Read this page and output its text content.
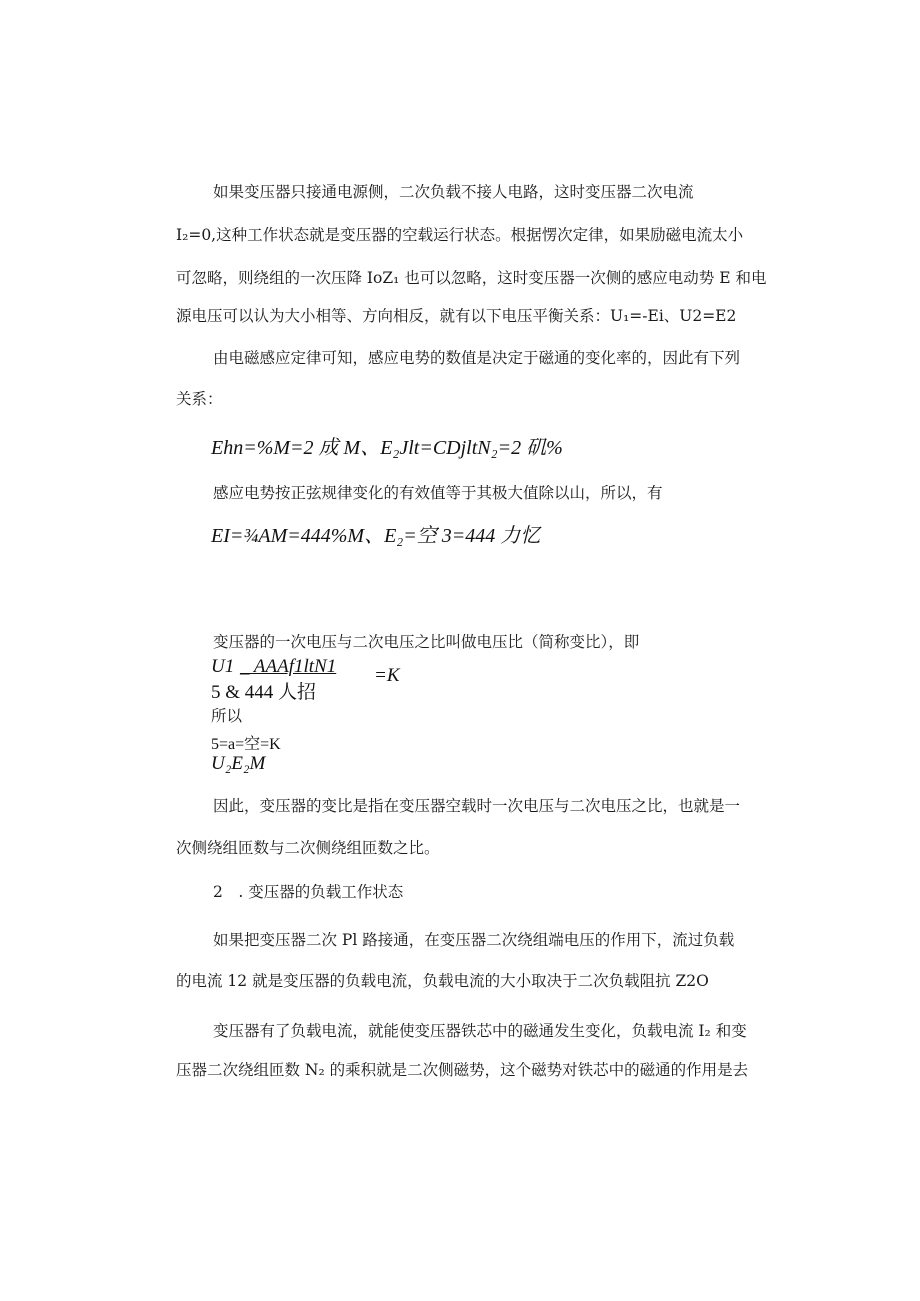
如果变压器只接通电源侧，二次负载不接人电路，这时变压器二次电流
I₂=0,这种工作状态就是变压器的空载运行状态。根据愣次定律，如果励磁电流太小
可忽略，则绕组的一次压降 IoZ₁ 也可以忽略，这时变压器一次侧的感应电动势 E 和电
源电压可以认为大小相等、方向相反，就有以下电压平衡关系：U₁=-Ei、U2=E2
由电磁感应定律可知，感应电势的数值是决定于磁通的变化率的，因此有下列
关系：
Ehn=%M=2 成 M、E₂J​lt=CDjltN₂=2 矶%
感应电势按正弦规律变化的有效值等于其极大值除以山，所以，有
EI=¾AM=444%M、E₂=空 3=444 力忆
变压器的一次电压与二次电压之比叫做电压比（简称变比），即
U1 _ AAAf1ltN1 =K
5 & 444 人招
所以
5=a=空=K
U₂E₂M
因此，变压器的变比是指在变压器空载时一次电压与二次电压之比，也就是一
次侧绕组匝数与二次侧绕组匝数之比。
2　. 变压器的负载工作状态
如果把变压器二次 Pl 路接通，在变压器二次绕组端电压的作用下，流过负载
的电流 12 就是变压器的负载电流，负载电流的大小取决于二次负载阻抗 Z2O
变压器有了负载电流，就能使变压器铁芯中的磁通发生变化，负载电流 I₂ 和变
压器二次绕组匝数 N₂ 的乘积就是二次侧磁势，这个磁势对铁芯中的磁通的作用是去
